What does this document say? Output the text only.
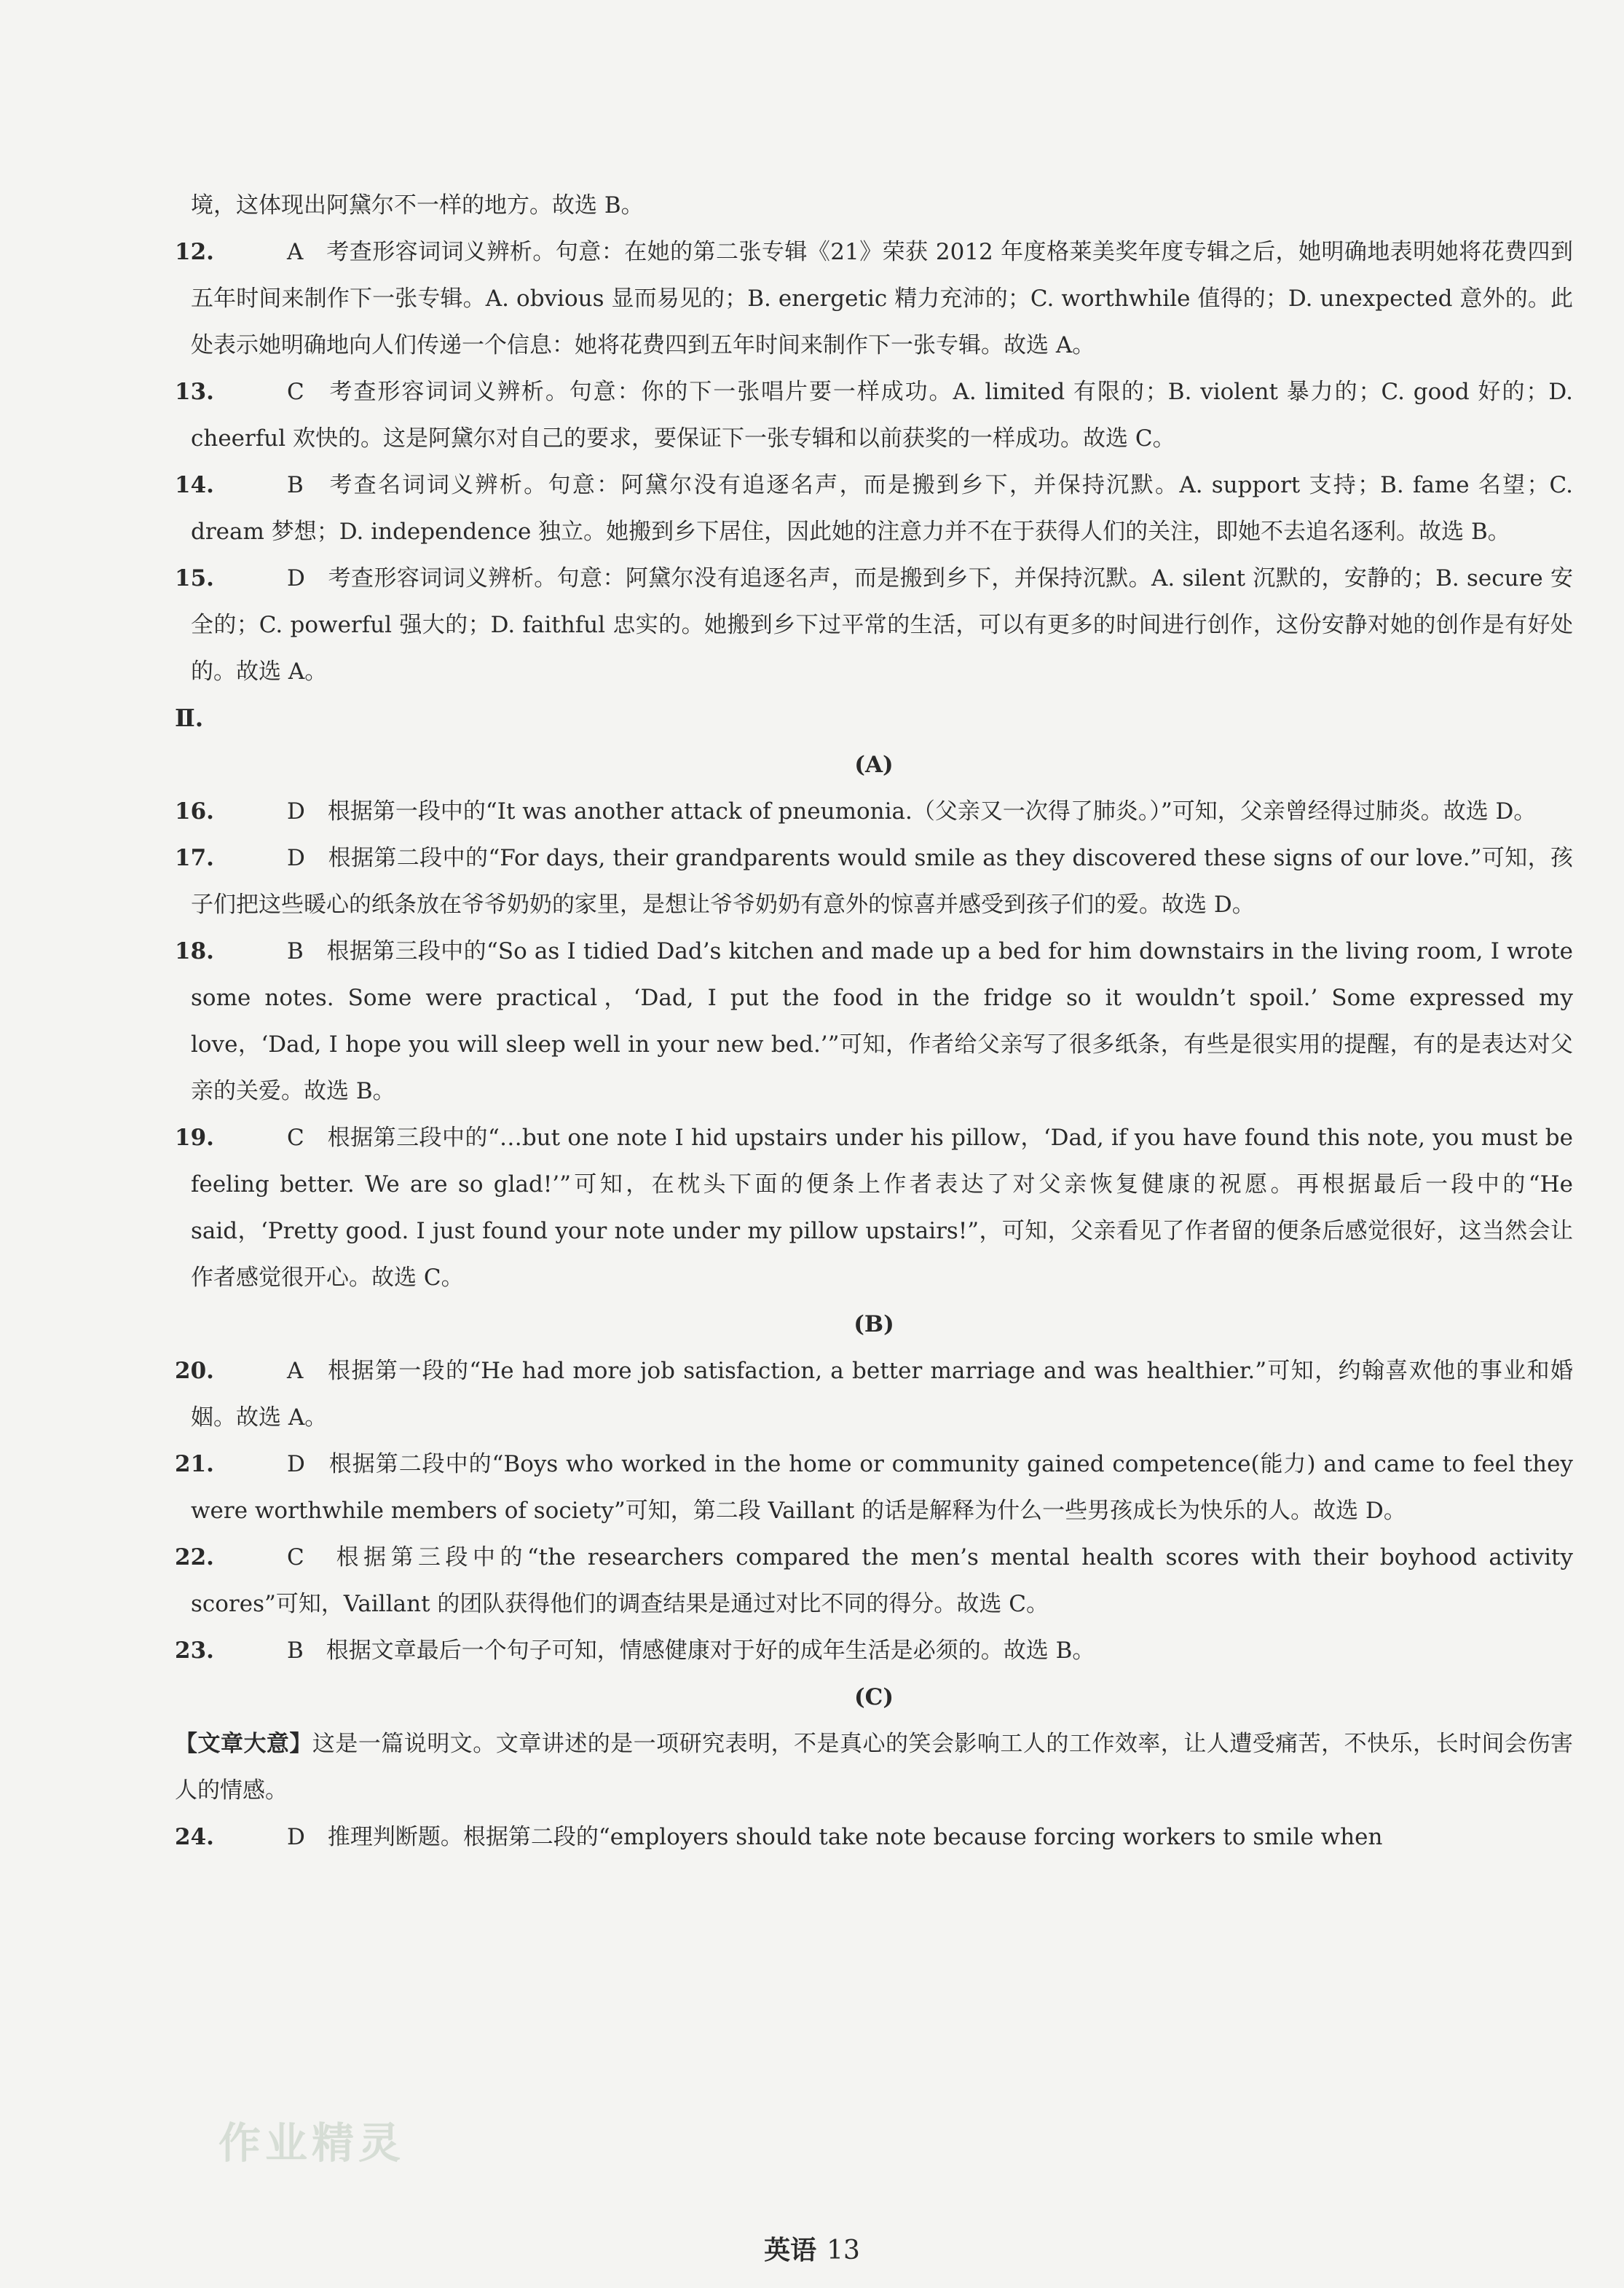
境，这体现出阿黛尔不一样的地方。故选 B。
12.	A　考查形容词词义辨析。句意：在她的第二张专辑《21》荣获 2012 年度格莱美奖年度专辑之后，她明确地表明她将花费四到五年时间来制作下一张专辑。A. obvious 显而易见的；B. energetic 精力充沛的；C. worthwhile 值得的；D. unexpected 意外的。此处表示她明确地向人们传递一个信息：她将花费四到五年时间来制作下一张专辑。故选 A。
13.	C　考查形容词词义辨析。句意：你的下一张唱片要一样成功。A. limited 有限的；B. violent 暴力的；C. good 好的；D. cheerful 欢快的。这是阿黛尔对自己的要求，要保证下一张专辑和以前获奖的一样成功。故选 C。
14.	B　考查名词词义辨析。句意：阿黛尔没有追逐名声，而是搬到乡下，并保持沉默。A. support 支持；B. fame 名望；C. dream 梦想；D. independence 独立。她搬到乡下居住，因此她的注意力并不在于获得人们的关注，即她不去追名逐利。故选 B。
15.	D　考查形容词词义辨析。句意：阿黛尔没有追逐名声，而是搬到乡下，并保持沉默。A. silent 沉默的，安静的；B. secure 安全的；C. powerful 强大的；D. faithful 忠实的。她搬到乡下过平常的生活，可以有更多的时间进行创作，这份安静对她的创作是有好处的。故选 A。
Ⅱ.
(A)
16.	D　根据第一段中的“It was another attack of pneumonia.（父亲又一次得了肺炎。）”可知，父亲曾经得过肺炎。故选 D。
17.	D　根据第二段中的“For days, their grandparents would smile as they discovered these signs of our love.”可知，孩子们把这些暖心的纸条放在爷爷奶奶的家里，是想让爷爷奶奶有意外的惊喜并感受到孩子们的爱。故选 D。
18.	B　根据第三段中的“So as I tidied Dad’s kitchen and made up a bed for him downstairs in the living room, I wrote some notes. Some were practical，‘Dad, I put the food in the fridge so it wouldn’t spoil.’ Some expressed my love，‘Dad, I hope you will sleep well in your new bed.’”可知，作者给父亲写了很多纸条，有些是很实用的提醒，有的是表达对父亲的关爱。故选 B。
19.	C　根据第三段中的“…but one note I hid upstairs under his pillow，‘Dad, if you have found this note, you must be feeling better. We are so glad!’”可知，在枕头下面的便条上作者表达了对父亲恢复健康的祝愿。再根据最后一段中的“He said，‘Pretty good. I just found your note under my pillow upstairs!”，可知，父亲看见了作者留的便条后感觉很好，这当然会让作者感觉很开心。故选 C。
(B)
20.	A　根据第一段的“He had more job satisfaction, a better marriage and was healthier.”可知，约翰喜欢他的事业和婚姻。故选 A。
21.	D　根据第二段中的“Boys who worked in the home or community gained competence(能力) and came to feel they were worthwhile members of society”可知，第二段 Vaillant 的话是解释为什么一些男孩成长为快乐的人。故选 D。
22.	C　根据第三段中的“the researchers compared the men’s mental health scores with their boyhood activity scores”可知，Vaillant 的团队获得他们的调查结果是通过对比不同的得分。故选 C。
23.	B　根据文章最后一个句子可知，情感健康对于好的成年生活是必须的。故选 B。
(C)
【文章大意】这是一篇说明文。文章讲述的是一项研究表明，不是真心的笑会影响工人的工作效率，让人遭受痛苦，不快乐，长时间会伤害人的情感。
24.	D　推理判断题。根据第二段的“employers should take note because forcing workers to smile when
作业精灵
英语 13
